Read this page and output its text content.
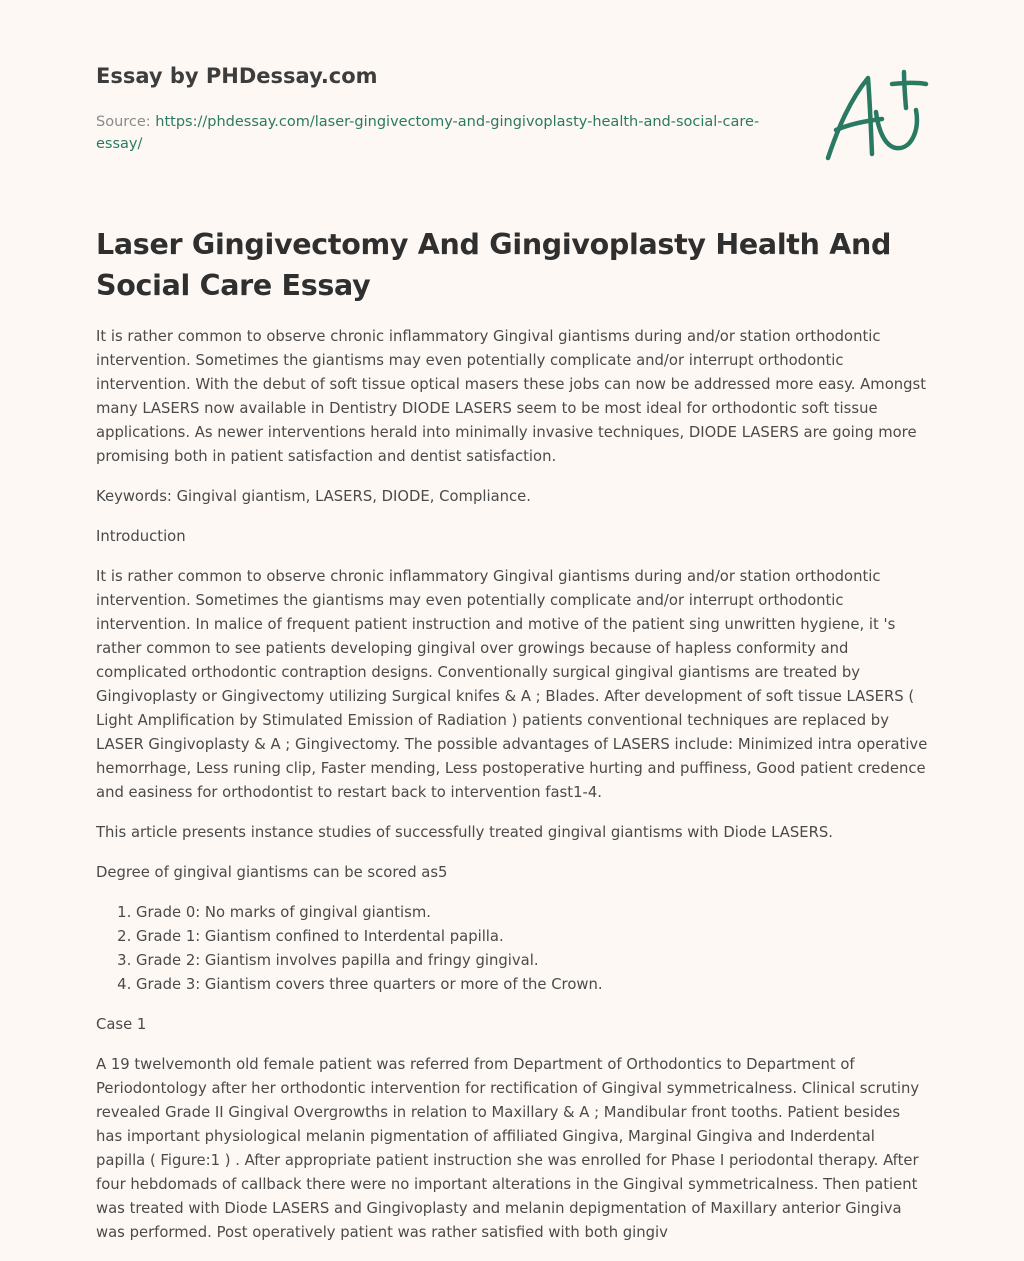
Essay by PHDessay.com
Source: https://phdessay.com/laser-gingivectomy-and-gingivoplasty-health-and-social-care-essay/
Laser Gingivectomy And Gingivoplasty Health And Social Care Essay

It is rather common to observe chronic inflammatory Gingival giantisms during and/or station orthodontic intervention. Sometimes the giantisms may even potentially complicate and/or interrupt orthodontic intervention. With the debut of soft tissue optical masers these jobs can now be addressed more easy. Amongst many LASERS now available in Dentistry DIODE LASERS seem to be most ideal for orthodontic soft tissue applications. As newer interventions herald into minimally invasive techniques, DIODE LASERS are going more promising both in patient satisfaction and dentist satisfaction.

Keywords: Gingival giantism, LASERS, DIODE, Compliance.

Introduction

It is rather common to observe chronic inflammatory Gingival giantisms during and/or station orthodontic intervention. Sometimes the giantisms may even potentially complicate and/or interrupt orthodontic intervention. In malice of frequent patient instruction and motive of the patient sing unwritten hygiene, it 's rather common to see patients developing gingival over growings because of hapless conformity and complicated orthodontic contraption designs. Conventionally surgical gingival giantisms are treated by Gingivoplasty or Gingivectomy utilizing Surgical knifes & A ; Blades. After development of soft tissue LASERS ( Light Amplification by Stimulated Emission of Radiation ) patients conventional techniques are replaced by LASER Gingivoplasty & A ; Gingivectomy. The possible advantages of LASERS include: Minimized intra operative hemorrhage, Less runing clip, Faster mending, Less postoperative hurting and puffiness, Good patient credence and easiness for orthodontist to restart back to intervention fast1-4.

This article presents instance studies of successfully treated gingival giantisms with Diode LASERS.

Degree of gingival giantisms can be scored as5

1. Grade 0: No marks of gingival giantism.
2. Grade 1: Giantism confined to Interdental papilla.
3. Grade 2: Giantism involves papilla and fringy gingival.
4. Grade 3: Giantism covers three quarters or more of the Crown.

Case 1

A 19 twelvemonth old female patient was referred from Department of Orthodontics to Department of Periodontology after her orthodontic intervention for rectification of Gingival symmetricalness. Clinical scrutiny revealed Grade II Gingival Overgrowths in relation to Maxillary & A ; Mandibular front tooths. Patient besides has important physiological melanin pigmentation of affiliated Gingiva, Marginal Gingiva and Inderdental papilla ( Figure:1 ) . After appropriate patient instruction she was enrolled for Phase I periodontal therapy. After four hebdomads of callback there were no important alterations in the Gingival symmetricalness. Then patient was treated with Diode LASERS and Gingivoplasty and melanin depigmentation of Maxillary anterior Gingiva was performed. Post operatively patient was rather satisfied with both gingiv
